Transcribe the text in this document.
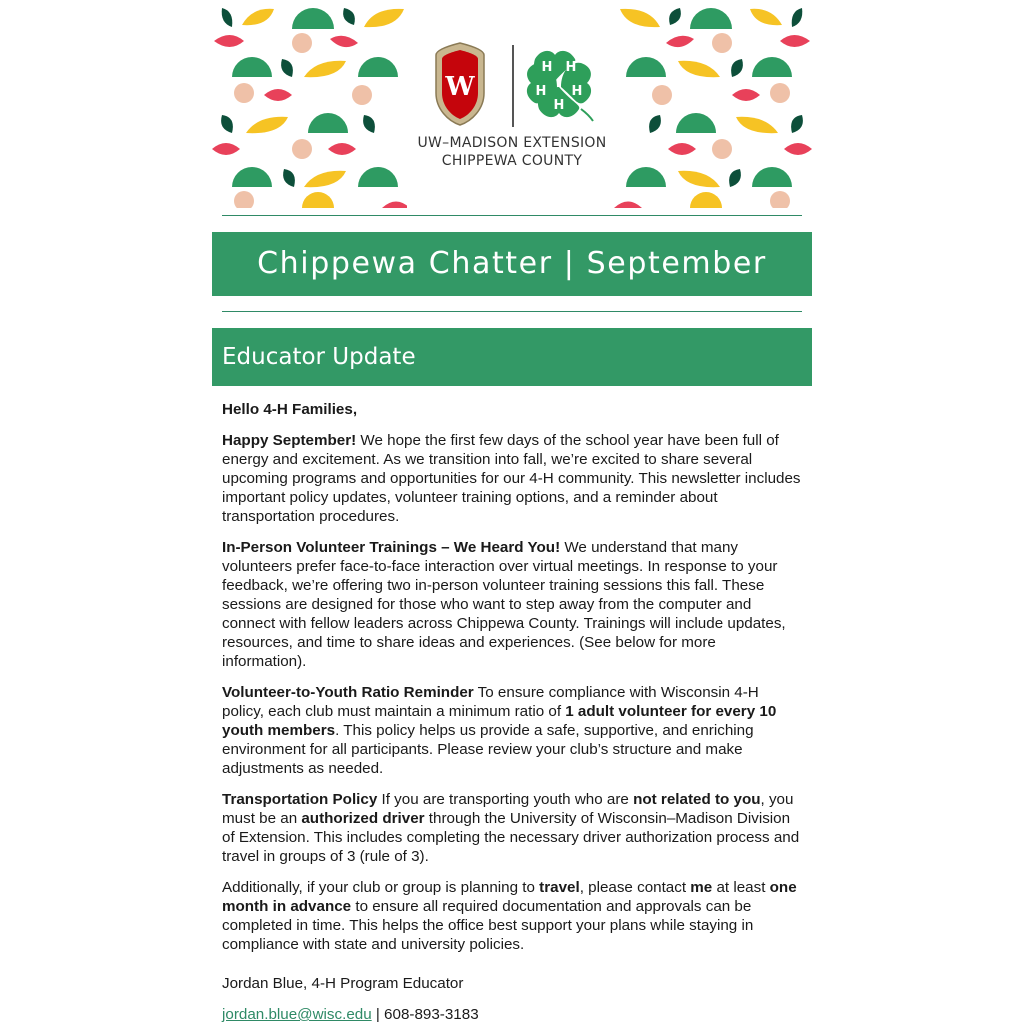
W
H H
H H
H
UW–MADISON EXTENSION
CHIPPEWA COUNTY
Chippewa Chatter | September
Educator Update

Hello 4-H Families,

Happy September! We hope the first few days of the school year have been full of energy and excitement. As we transition into fall, we’re excited to share several upcoming programs and opportunities for our 4-H community. This newsletter includes important policy updates, volunteer training options, and a reminder about transportation procedures.

In-Person Volunteer Trainings – We Heard You! We understand that many volunteers prefer face-to-face interaction over virtual meetings. In response to your feedback, we’re offering two in-person volunteer training sessions this fall. These sessions are designed for those who want to step away from the computer and connect with fellow leaders across Chippewa County. Trainings will include updates, resources, and time to share ideas and experiences. (See below for more information).

Volunteer-to-Youth Ratio Reminder To ensure compliance with Wisconsin 4-H policy, each club must maintain a minimum ratio of 1 adult volunteer for every 10 youth members. This policy helps us provide a safe, supportive, and enriching environment for all participants. Please review your club’s structure and make adjustments as needed.

Transportation Policy If you are transporting youth who are not related to you, you must be an authorized driver through the University of Wisconsin–Madison Division of Extension. This includes completing the necessary driver authorization process and travel in groups of 3 (rule of 3).

Additionally, if your club or group is planning to travel, please contact me at least one month in advance to ensure all required documentation and approvals can be completed in time. This helps the office best support your plans while staying in compliance with state and university policies.

Jordan Blue, 4-H Program Educator

jordan.blue@wisc.edu | 608-893-3183
